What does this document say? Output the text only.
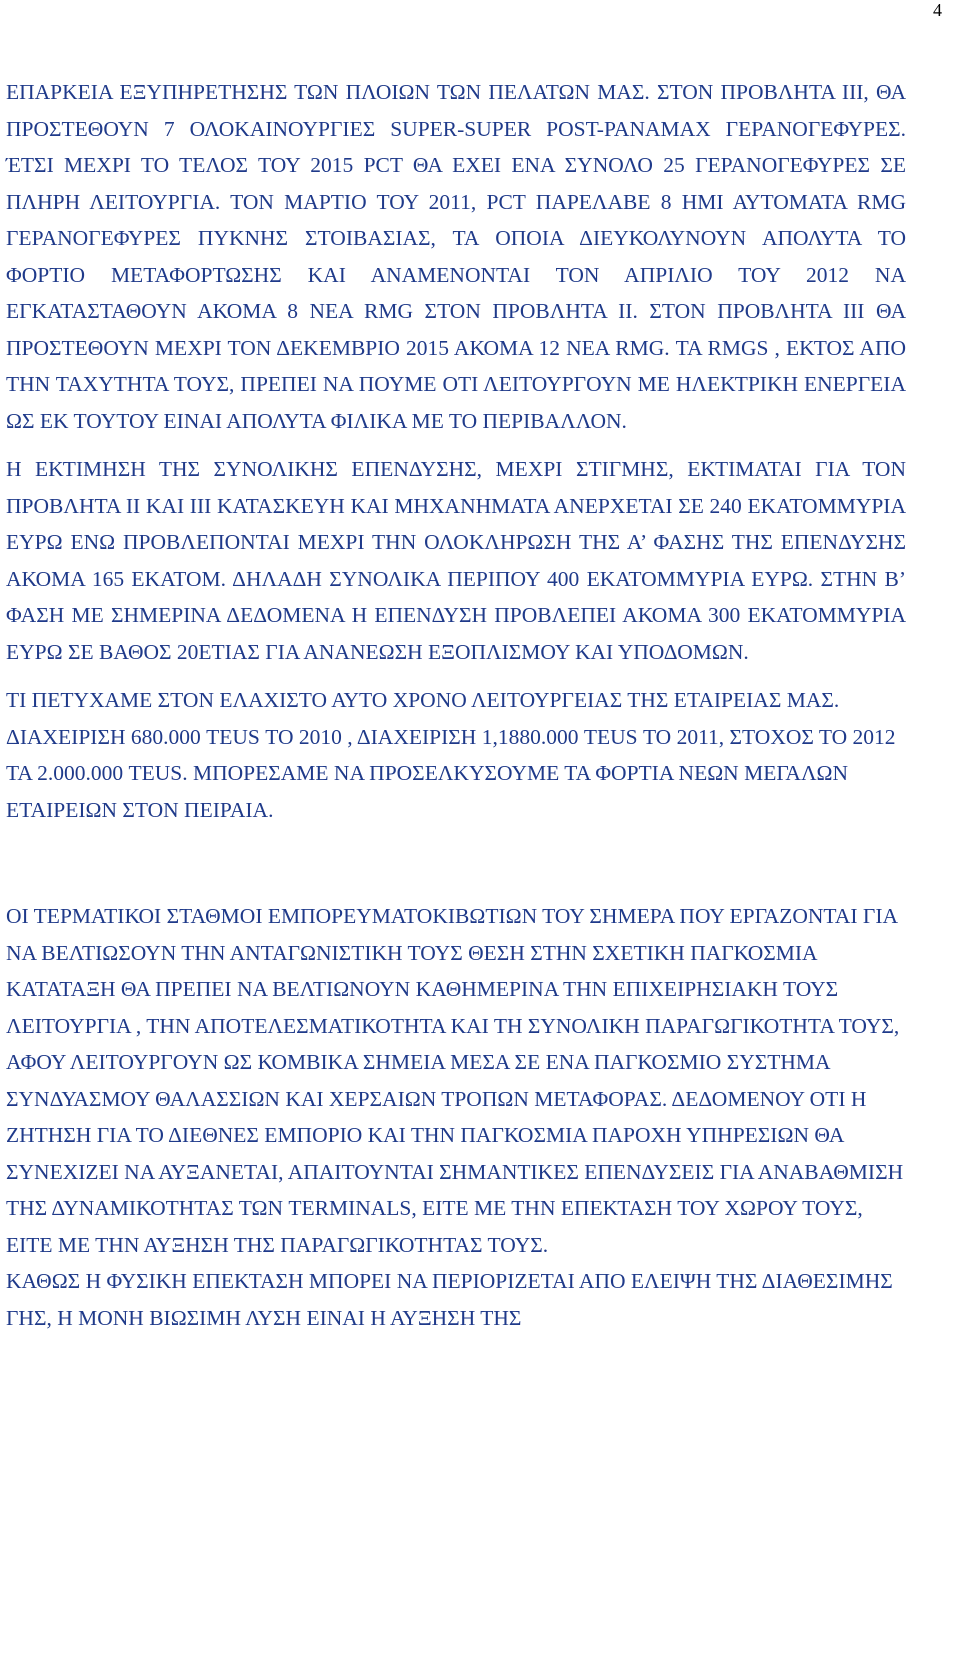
4

ΕΠΑΡΚΕΙΑ ΕΞΥΠΗΡΕΤΗΣΗΣ ΤΩΝ ΠΛΟΙΩΝ ΤΩΝ ΠΕΛΑΤΩΝ ΜΑΣ. ΣΤΟΝ ΠΡΟΒΛΗΤΑ ΙΙΙ, ΘΑ ΠΡΟΣΤΕΘΟΥΝ 7 ΟΛΟΚΑΙΝΟΥΡΓΙΕΣ SUPER-SUPER POST-PANAMAX ΓΕΡΑΝΟΓΕΦΥΡΕΣ. ΈΤΣΙ ΜΕΧΡΙ ΤΟ ΤΕΛΟΣ ΤΟΥ 2015 PCT ΘΑ ΕΧΕΙ ΕΝΑ ΣΥΝΟΛΟ 25 ΓΕΡΑΝΟΓΕΦΥΡΕΣ ΣΕ ΠΛΗΡΗ ΛΕΙΤΟΥΡΓΙΑ. ΤΟΝ ΜΑΡΤΙΟ ΤΟΥ 2011, PCT ΠΑΡΕΛΑΒΕ 8 ΗΜΙ ΑΥΤΟΜΑΤΑ RMG ΓΕΡΑΝΟΓΕΦΥΡΕΣ ΠΥΚΝΗΣ ΣΤΟΙΒΑΣΙΑΣ, ΤΑ ΟΠΟΙΑ ΔΙΕΥΚΟΛΥΝΟΥΝ ΑΠΟΛΥΤΑ ΤΟ ΦΟΡΤΙΟ ΜΕΤΑΦΟΡΤΩΣΗΣ ΚΑΙ ΑΝΑΜΕΝΟΝΤΑΙ ΤΟΝ ΑΠΡΙΛΙΟ ΤΟΥ 2012 ΝΑ ΕΓΚΑΤΑΣΤΑΘΟΥΝ ΑΚΟΜΑ 8 ΝΕΑ RMG ΣΤΟΝ ΠΡΟΒΛΗΤΑ ΙΙ. ΣΤΟΝ ΠΡΟΒΛΗΤΑ ΙΙΙ ΘΑ ΠΡΟΣΤΕΘΟΥΝ ΜΕΧΡΙ ΤΟΝ ΔΕΚΕΜΒΡΙΟ 2015 ΑΚΟΜΑ 12 ΝΕΑ RMG. ΤΑ RMGS , ΕΚΤΟΣ ΑΠΟ ΤΗΝ ΤΑΧΥΤΗΤΑ ΤΟΥΣ, ΠΡΕΠΕΙ ΝΑ ΠΟΥΜΕ ΟΤΙ ΛΕΙΤΟΥΡΓΟΥΝ ΜΕ ΗΛΕΚΤΡΙΚΗ ΕΝΕΡΓΕΙΑ ΩΣ ΕΚ ΤΟΥΤΟΥ ΕΙΝΑΙ ΑΠΟΛΥΤΑ ΦΙΛΙΚΑ ΜΕ ΤΟ ΠΕΡΙΒΑΛΛΟΝ.

Η ΕΚΤΙΜΗΣΗ ΤΗΣ ΣΥΝΟΛΙΚΗΣ ΕΠΕΝΔΥΣΗΣ, ΜΕΧΡΙ ΣΤΙΓΜΗΣ, ΕΚΤΙΜΑΤΑΙ ΓΙΑ ΤΟΝ ΠΡΟΒΛΗΤΑ ΙΙ ΚΑΙ ΙΙΙ ΚΑΤΑΣΚΕΥΗ ΚΑΙ ΜΗΧΑΝΗΜΑΤΑ ΑΝΕΡΧΕΤΑΙ ΣΕ 240 ΕΚΑΤΟΜΜΥΡΙΑ ΕΥΡΩ ΕΝΩ ΠΡΟΒΛΕΠΟΝΤΑΙ ΜΕΧΡΙ ΤΗΝ ΟΛΟΚΛΗΡΩΣΗ ΤΗΣ Α’ ΦΑΣΗΣ ΤΗΣ ΕΠΕΝΔΥΣΗΣ ΑΚΟΜΑ 165 ΕΚΑΤΟΜ. ΔΗΛΑΔΗ ΣΥΝΟΛΙΚΑ ΠΕΡΙΠΟΥ 400 ΕΚΑΤΟΜΜΥΡΙΑ ΕΥΡΩ. ΣΤΗΝ Β’ ΦΑΣΗ ΜΕ ΣΗΜΕΡΙΝΑ ΔΕΔΟΜΕΝΑ Η ΕΠΕΝΔΥΣΗ ΠΡΟΒΛΕΠΕΙ ΑΚΟΜΑ 300 ΕΚΑΤΟΜΜΥΡΙΑ ΕΥΡΩ ΣΕ ΒΑΘΟΣ 20ΕΤΙΑΣ ΓΙΑ ΑΝΑΝΕΩΣΗ ΕΞΟΠΛΙΣΜΟΥ ΚΑΙ ΥΠΟΔΟΜΩΝ.

ΤΙ ΠΕΤΥΧΑΜΕ ΣΤΟΝ ΕΛΑΧΙΣΤΟ ΑΥΤΟ ΧΡΟΝΟ ΛΕΙΤΟΥΡΓΕΙΑΣ ΤΗΣ ΕΤΑΙΡΕΙΑΣ ΜΑΣ. ΔΙΑΧΕΙΡΙΣΗ 680.000 TEUS ΤΟ 2010 , ΔΙΑΧΕΙΡΙΣΗ 1,1880.000 TEUS ΤΟ 2011, ΣΤΟΧΟΣ ΤΟ 2012 ΤΑ 2.000.000 TEUS. ΜΠΟΡΕΣΑΜΕ ΝΑ ΠΡΟΣΕΛΚΥΣΟΥΜΕ ΤΑ ΦΟΡΤΙΑ ΝΕΩΝ ΜΕΓΑΛΩΝ ΕΤΑΙΡΕΙΩΝ ΣΤΟΝ ΠΕΙΡΑΙΑ.

ΟΙ ΤΕΡΜΑΤΙΚΟΙ ΣΤΑΘΜΟΙ ΕΜΠΟΡΕΥΜΑΤΟΚΙΒΩΤΙΩΝ ΤΟΥ ΣΗΜΕΡΑ ΠΟΥ ΕΡΓΑΖΟΝΤΑΙ ΓΙΑ ΝΑ ΒΕΛΤΙΩΣΟΥΝ ΤΗΝ ΑΝΤΑΓΩΝΙΣΤΙΚΗ ΤΟΥΣ ΘΕΣΗ ΣΤΗΝ ΣΧΕΤΙΚΗ ΠΑΓΚΟΣΜΙΑ ΚΑΤΑΤΑΞΗ ΘΑ ΠΡΕΠΕΙ ΝΑ ΒΕΛΤΙΩΝΟΥΝ ΚΑΘΗΜΕΡΙΝΑ ΤΗΝ ΕΠΙΧΕΙΡΗΣΙΑΚΗ ΤΟΥΣ ΛΕΙΤΟΥΡΓΙΑ , ΤΗΝ ΑΠΟΤΕΛΕΣΜΑΤΙΚΟΤΗΤΑ ΚΑΙ ΤΗ ΣΥΝΟΛΙΚΗ ΠΑΡΑΓΩΓΙΚΟΤΗΤΑ ΤΟΥΣ, ΑΦΟΥ ΛΕΙΤΟΥΡΓΟΥΝ ΩΣ ΚΟΜΒΙΚΑ ΣΗΜΕΙΑ ΜΕΣΑ ΣΕ ΕΝΑ ΠΑΓΚΟΣΜΙΟ ΣΥΣΤΗΜΑ ΣΥΝΔΥΑΣΜΟΥ ΘΑΛΑΣΣΙΩΝ ΚΑΙ ΧΕΡΣΑΙΩΝ ΤΡΟΠΩΝ ΜΕΤΑΦΟΡΑΣ. ΔΕΔΟΜΕΝΟΥ ΟΤΙ Η ΖΗΤΗΣΗ ΓΙΑ ΤΟ ΔΙΕΘΝΕΣ ΕΜΠΟΡΙΟ ΚΑΙ ΤΗΝ ΠΑΓΚΟΣΜΙΑ ΠΑΡΟΧΗ ΥΠΗΡΕΣΙΩΝ ΘΑ ΣΥΝΕΧΙΖΕΙ ΝΑ ΑΥΞΑΝΕΤΑΙ, ΑΠΑΙΤΟΥΝΤΑΙ ΣΗΜΑΝΤΙΚΕΣ ΕΠΕΝΔΥΣΕΙΣ ΓΙΑ ΑΝΑΒΑΘΜΙΣΗ ΤΗΣ ΔΥΝΑΜΙΚΟΤΗΤΑΣ ΤΩΝ TERMINALS, ΕΙΤΕ ΜΕ ΤΗΝ ΕΠΕΚΤΑΣΗ ΤΟΥ ΧΩΡΟΥ ΤΟΥΣ, ΕΙΤΕ ΜΕ ΤΗΝ ΑΥΞΗΣΗ ΤΗΣ ΠΑΡΑΓΩΓΙΚΟΤΗΤΑΣ ΤΟΥΣ.

ΚΑΘΩΣ Η ΦΥΣΙΚΗ ΕΠΕΚΤΑΣΗ ΜΠΟΡΕΙ ΝΑ ΠΕΡΙΟΡΙΖΕΤΑΙ ΑΠΟ ΕΛΕΙΨΗ ΤΗΣ ΔΙΑΘΕΣΙΜΗΣ ΓΗΣ, Η ΜΟΝΗ ΒΙΩΣΙΜΗ ΛΥΣΗ ΕΙΝΑΙ Η ΑΥΞΗΣΗ ΤΗΣ
